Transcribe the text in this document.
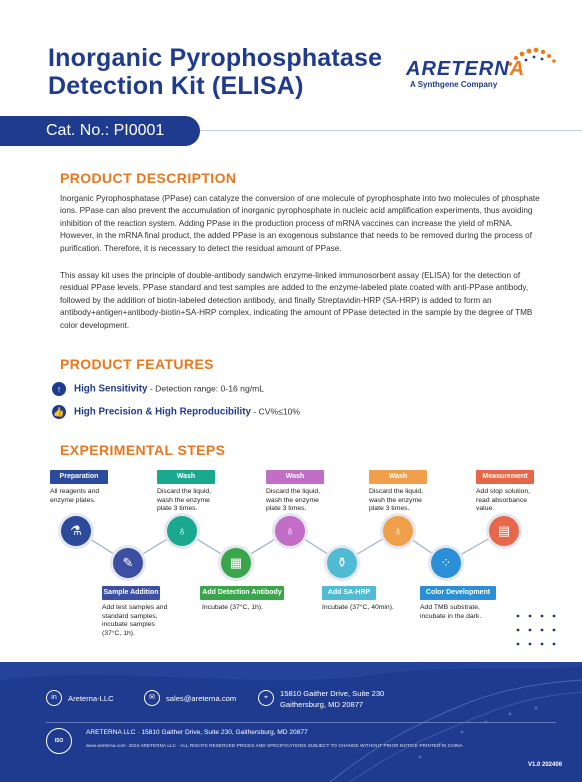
Inorganic Pyrophosphatase
Detection Kit (ELISA)
ARETERNA
A Synthgene Company
Cat. No.: PI0001
PRODUCT DESCRIPTION
Inorganic Pyrophosphatase (PPase) can catalyze the conversion of one molecule of pyrophosphate into two molecules of phosphate ions. PPase can also prevent the accumulation of inorganic pyrophosphate in nucleic acid amplification experiments, thus avoiding inhibition of the reaction system. Adding PPase in the production process of mRNA vaccines can increase the yield of mRNA. However, in the mRNA final product, the added PPase is an exogenous substance that needs to be removed during the process of purification. Therefore, it is necessary to detect the residual amount of PPase.
This assay kit uses the principle of double-antibody sandwich enzyme-linked immunosorbent assay (ELISA) for the detection of residual PPase levels. PPase standard and test samples are added to the enzyme-labeled plate coated with anti-PPase antibody, followed by the addition of biotin-labeled detection antibody, and finally Streptavidin-HRP (SA-HRP) is added to form an antibody+antigen+antibody-biotin+SA-HRP complex, indicating the amount of PPase detected in the sample by the degree of TMB color development.
PRODUCT FEATURES
↑ High Sensitivity - Detection range: 0-16 ng/mL
👍 High Precision & High Reproducibility - CV%≤10%
EXPERIMENTAL STEPS
Preparation
All reagents and enzyme plates.
⚗
Wash
Discard the liquid, wash the enzyme plate 3 times.
♁
Wash
Discard the liquid, wash the enzyme plate 3 times.
♁
Wash
Discard the liquid, wash the enzyme plate 3 times.
♁
Measurement
Add stop solution, read absorbance value.
▤
✎
Sample Addition
Add test samples and standard samples, incubate samples (37°C, 1h).
▦
Add Detection Antibody
Incubate (37°C, 1h).
⚱
Add SA-HRP
Incubate (37°C, 40min).
⁘
Color Development
Add TMB substrate, incubate in the dark.
in	Areterna-LLC	✉	sales@areterna.com	⌖	15810 Gaither Drive, Suite 230
Gaithersburg, MD 20877
ISO
ARETERNA LLC · 15810 Gaither Drive, Suite 230, Gaithersburg, MD 20877
www.areterna.com ·2024 ARETERNA LLC · ALL RIGHTS RESERVED·PRICES AND SPECIFICATIONS SUBJECT TO CHANGE WITHOUT PRIOR NOTICE·PRINTED IN CHINA
V1.0 202406
